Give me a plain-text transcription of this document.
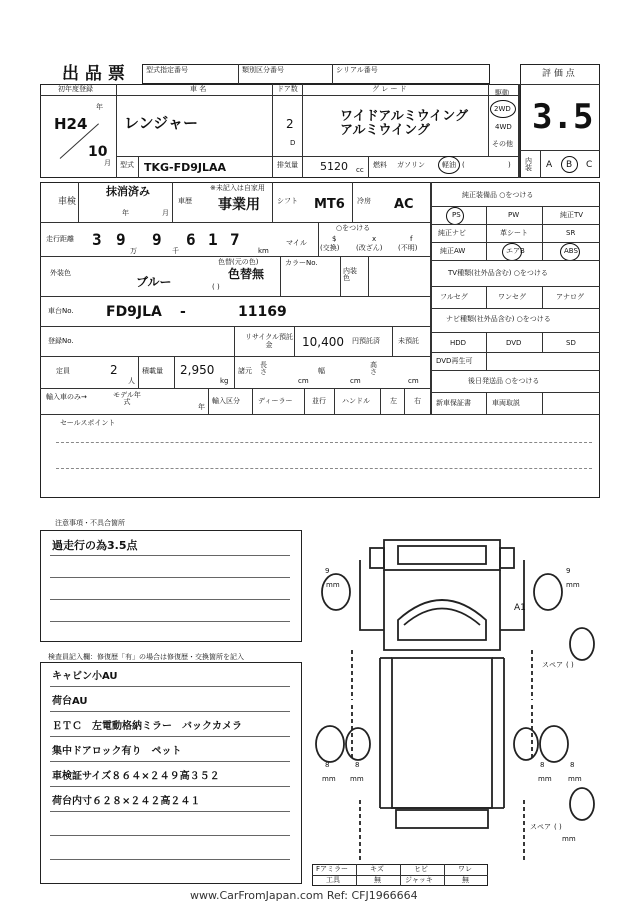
出 品 票	型式指定番号	類別区分番号	シリアル番号	評 価 点
3.5
初年度登録
H24
年
10
月
車 名
レンジャー
ドア数
2
D
グ レ ー ド
ワイドアルミウイング
アルミウイング
駆動
2WD
4WD
その他
型式 TKG-FD9JLAA	排気量 5120 cc
燃料 ガソリン 軽油 (	) 内装	A B C
車検
抹消済み
年	月
車歴
※未記入は自家用
事業用 シフト MT6 冷房 AC
走行距離 3 9
万
9
千
6 1 7
km
マイル
○をつける
$
(交換)
x
(改ざん)
f
(不明)
外装色
ブルー
色替(元の色)
色替無
( )
カラーNo.
内装色
車台No. FD9JLA -	11169
登録No.	リサイクル預託金	10,400 円預託済	未預託
定員	2
人
積載量 2,950
kg
諸元
長さ
cm
幅
cm
高さ
cm
輸入車のみ→	モデル年式
年
輸入区分	ディーラー	並行 ハンドル	左 右
純正装備品 ○をつける
PS	PW	純正TV
純正ナビ	革シート	SR
純正AW	エアB	ABS
TV種類(社外品含む) ○をつける
フルセグ	ワンセグ	アナログ
ナビ種類(社外品含む) ○をつける
HDD	DVD	SD
DVD再生可
後日発送品 ○をつける
新車保証書	車両取説
セールスポイント
注意事項・不具合箇所
過走行の為3.5点
検査員記入欄：修復歴「有」の場合は修復歴・交換箇所を記入
キャビン小AU
荷台AU
ＥＴＣ　左電動格納ミラー　バックカメラ
集中ドアロック有り　ペット
車検証サイズ８６４×２４９高３５２
荷台内寸６２８×２４２高２４１
9
mm
9
mm
A1
スペア ( )
8
mm
8
mm
8
mm
8
mm
スペア ( )
mm
Fアミラー	キズ	ヒビ	ワレ
工具	無	ジャッキ	無
www.CarFromJapan.com Ref: CFJ1966664
